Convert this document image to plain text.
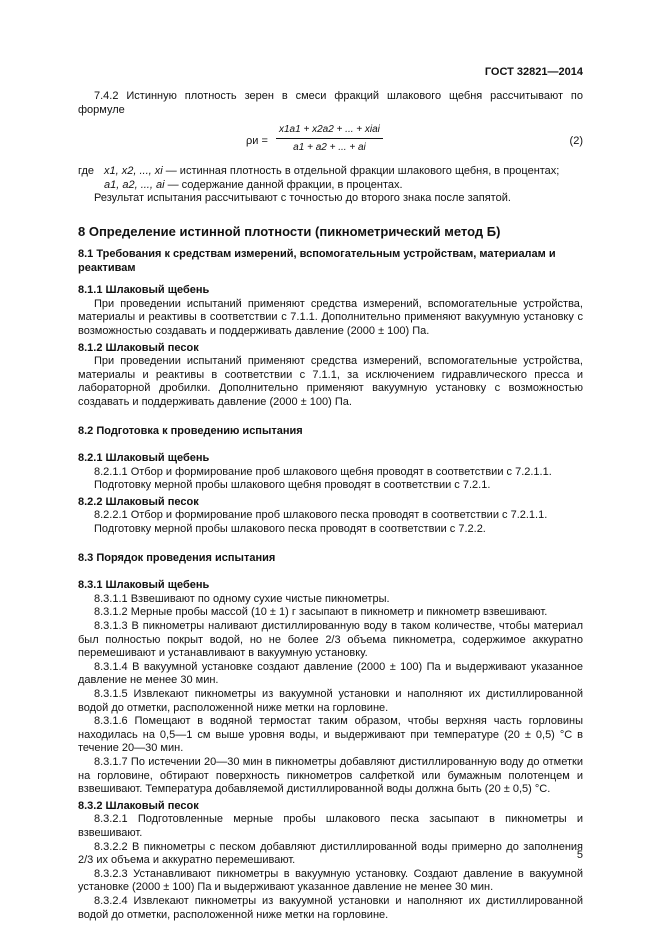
ГОСТ 32821—2014

7.4.2 Истинную плотность зерен в смеси фракций шлакового щебня рассчитывают по формуле

ρи =
x1a1 + x2a2 + ... + xiai
a1 + a2 + ... + ai
(2)
где x1, x2, ..., xi — истинная плотность в отдельной фракции шлакового щебня, в процентах;
a1, a2, ..., ai — содержание данной фракции, в процентах.

Результат испытания рассчитывают с точностью до второго знака после запятой.

8 Определение истинной плотности (пикнометрический метод Б)
8.1 Требования к средствам измерений, вспомогательным устройствам, материалам и реактивам
8.1.1 Шлаковый щебень

При проведении испытаний применяют средства измерений, вспомогательные устройства, материалы и реактивы в соответствии с 7.1.1. Дополнительно применяют вакуумную установку с возможностью создавать и поддерживать давление (2000 ± 100) Па.

8.1.2 Шлаковый песок

При проведении испытаний применяют средства измерений, вспомогательные устройства, материалы и реактивы в соответствии с 7.1.1, за исключением гидравлического пресса и лабораторной дробилки. Дополнительно применяют вакуумную установку с возможностью создавать и поддерживать давление (2000 ± 100) Па.

8.2 Подготовка к проведению испытания
8.2.1 Шлаковый щебень

8.2.1.1 Отбор и формирование проб шлакового щебня проводят в соответствии с 7.2.1.1.

Подготовку мерной пробы шлакового щебня проводят в соответствии с 7.2.1.

8.2.2 Шлаковый песок

8.2.2.1 Отбор и формирование проб шлакового песка проводят в соответствии с 7.2.1.1.

Подготовку мерной пробы шлакового песка проводят в соответствии с 7.2.2.

8.3 Порядок проведения испытания
8.3.1 Шлаковый щебень

8.3.1.1 Взвешивают по одному сухие чистые пикнометры.

8.3.1.2 Мерные пробы массой (10 ± 1) г засыпают в пикнометр и пикнометр взвешивают.

8.3.1.3 В пикнометры наливают дистиллированную воду в таком количестве, чтобы материал был полностью покрыт водой, но не более 2/3 объема пикнометра, содержимое аккуратно перемешивают и устанавливают в вакуумную установку.

8.3.1.4 В вакуумной установке создают давление (2000 ± 100) Па и выдерживают указанное давление не менее 30 мин.

8.3.1.5 Извлекают пикнометры из вакуумной установки и наполняют их дистиллированной водой до отметки, расположенной ниже метки на горловине.

8.3.1.6 Помещают в водяной термостат таким образом, чтобы верхняя часть горловины находилась на 0,5—1 см выше уровня воды, и выдерживают при температуре (20 ± 0,5) °С в течение 20—30 мин.

8.3.1.7 По истечении 20—30 мин в пикнометры добавляют дистиллированную воду до отметки на горловине, обтирают поверхность пикнометров салфеткой или бумажным полотенцем и взвешивают. Температура добавляемой дистиллированной воды должна быть (20 ± 0,5) °С.

8.3.2 Шлаковый песок

8.3.2.1 Подготовленные мерные пробы шлакового песка засыпают в пикнометры и взвешивают.

8.3.2.2 В пикнометры с песком добавляют дистиллированной воды примерно до заполнения 2/3 их объема и аккуратно перемешивают.

8.3.2.3 Устанавливают пикнометры в вакуумную установку. Создают давление в вакуумной установке (2000 ± 100) Па и выдерживают указанное давление не менее 30 мин.

8.3.2.4 Извлекают пикнометры из вакуумной установки и наполняют их дистиллированной водой до отметки, расположенной ниже метки на горловине.

5
